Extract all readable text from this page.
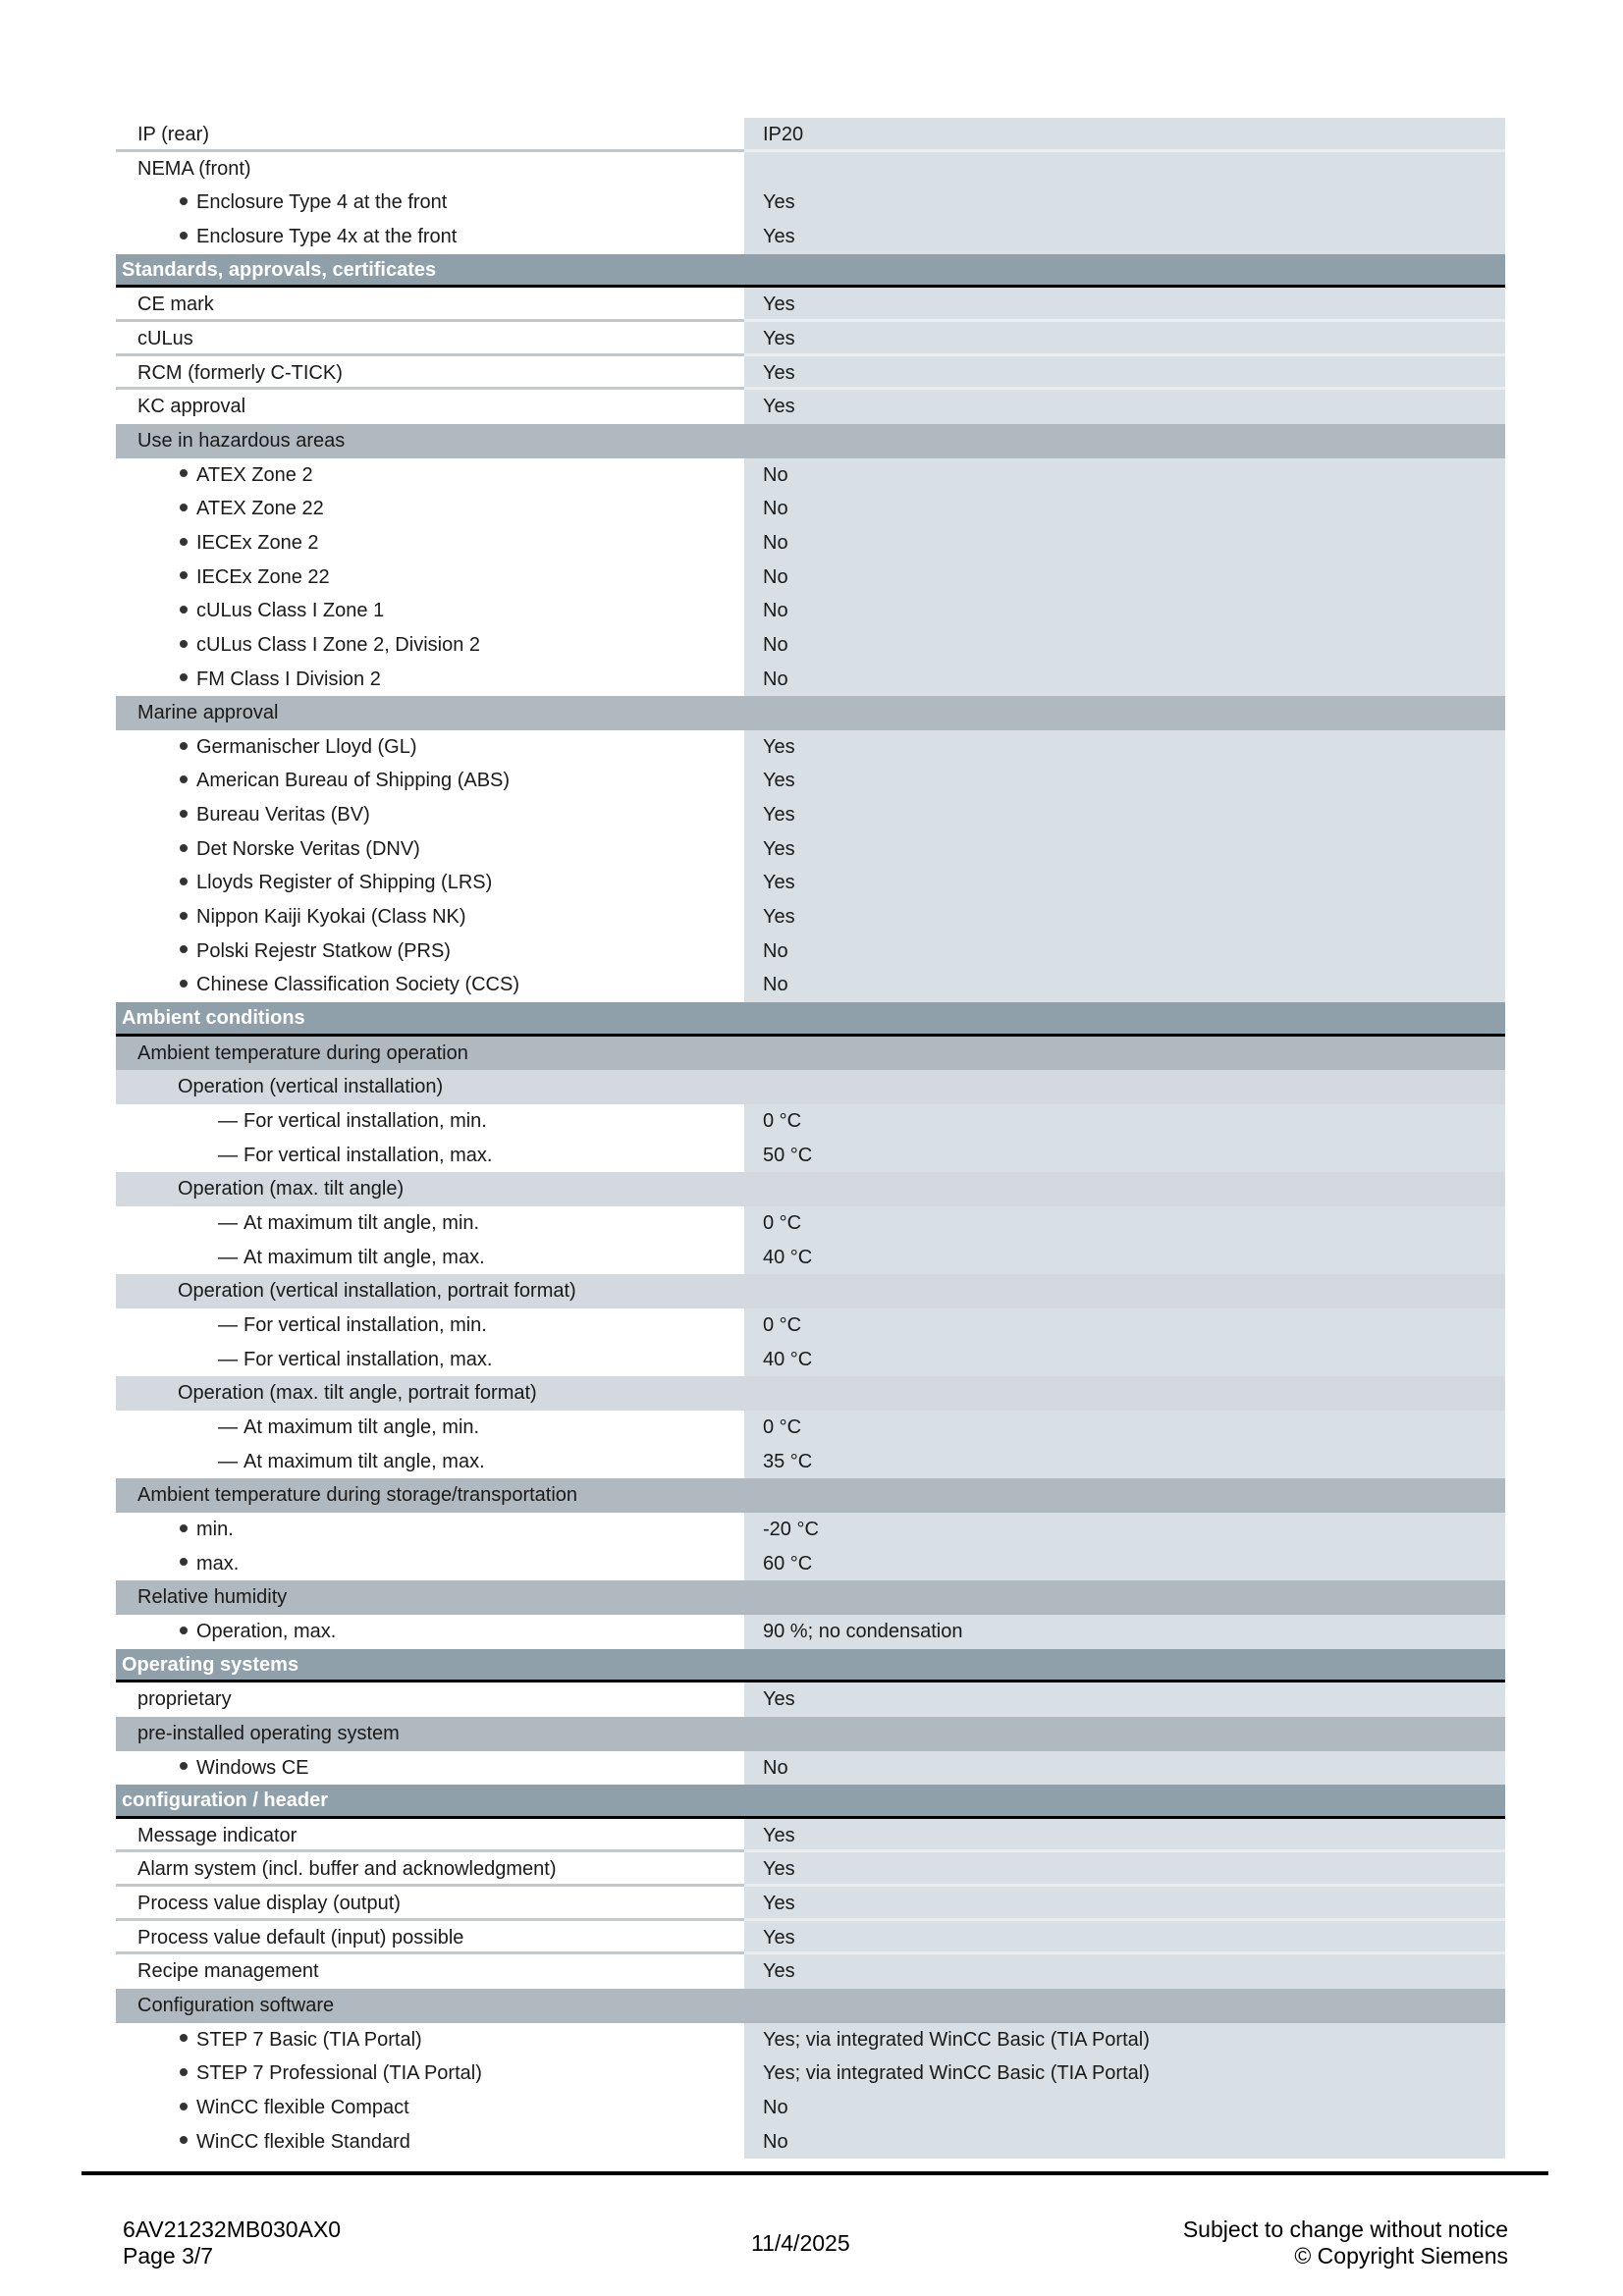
IP (rear)	IP20
NEMA (front)
Enclosure Type 4 at the front	Yes
Enclosure Type 4x at the front	Yes
Standards, approvals, certificates
CE mark	Yes
cULus	Yes
RCM (formerly C-TICK)	Yes
KC approval	Yes
Use in hazardous areas
ATEX Zone 2	No
ATEX Zone 22	No
IECEx Zone 2	No
IECEx Zone 22	No
cULus Class I Zone 1	No
cULus Class I Zone 2, Division 2	No
FM Class I Division 2	No
Marine approval
Germanischer Lloyd (GL)	Yes
American Bureau of Shipping (ABS)	Yes
Bureau Veritas (BV)	Yes
Det Norske Veritas (DNV)	Yes
Lloyds Register of Shipping (LRS)	Yes
Nippon Kaiji Kyokai (Class NK)	Yes
Polski Rejestr Statkow (PRS)	No
Chinese Classification Society (CCS)	No
Ambient conditions
Ambient temperature during operation
Operation (vertical installation)
— For vertical installation, min.	0 °C
— For vertical installation, max.	50 °C
Operation (max. tilt angle)
— At maximum tilt angle, min.	0 °C
— At maximum tilt angle, max.	40 °C
Operation (vertical installation, portrait format)
— For vertical installation, min.	0 °C
— For vertical installation, max.	40 °C
Operation (max. tilt angle, portrait format)
— At maximum tilt angle, min.	0 °C
— At maximum tilt angle, max.	35 °C
Ambient temperature during storage/transportation
min.	-20 °C
max.	60 °C
Relative humidity
Operation, max.	90 %; no condensation
Operating systems
proprietary	Yes
pre-installed operating system
Windows CE	No
configuration / header
Message indicator	Yes
Alarm system (incl. buffer and acknowledgment)	Yes
Process value display (output)	Yes
Process value default (input) possible	Yes
Recipe management	Yes
Configuration software
STEP 7 Basic (TIA Portal)	Yes; via integrated WinCC Basic (TIA Portal)
STEP 7 Professional (TIA Portal)	Yes; via integrated WinCC Basic (TIA Portal)
WinCC flexible Compact	No
WinCC flexible Standard	No
6AV21232MB030AX0
Page 3/7	11/4/2025
Subject to change without notice
© Copyright Siemens
